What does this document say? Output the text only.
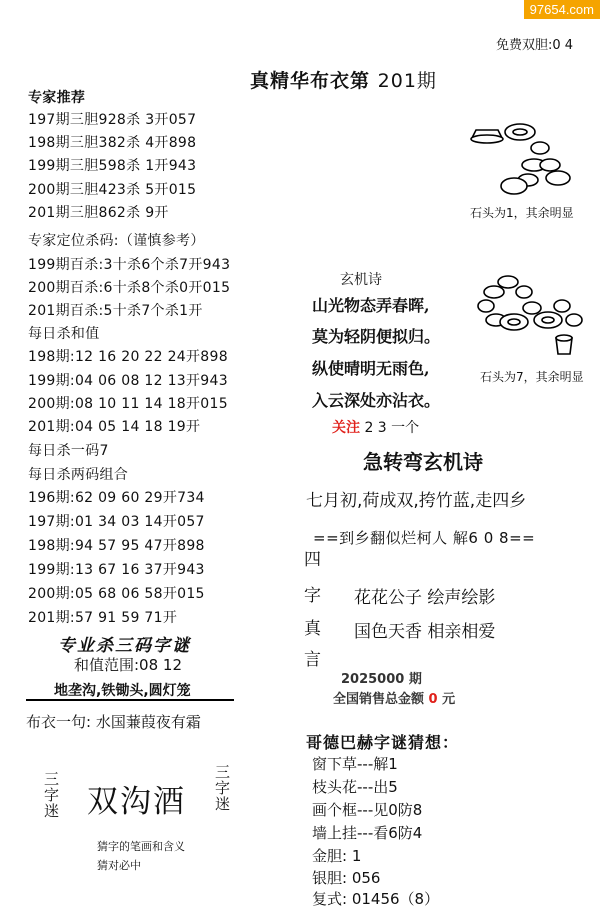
97654.com
免费双胆:0 4
真精华布衣第 201期
专家推荐
197期三胆928杀 3开057
198期三胆382杀 4开898
199期三胆598杀 1开943
200期三胆423杀 5开015
201期三胆862杀 9开
专家定位杀码:（谨慎参考）
199期百杀:3十杀6个杀7开943
200期百杀:6十杀8个杀0开015
201期百杀:5十杀7个杀1开
每日杀和值
198期:12 16 20 22 24开898
199期:04 06 08 12 13开943
200期:08 10 11 14 18开015
201期:04 05 14 18 19开
每日杀一码7
每日杀两码组合
196期:62 09 60 29开734
197期:01 34 03 14开057
198期:94 57 95 47开898
199期:13 67 16 37开943
200期:05 68 06 58开015
201期:57 91 59 71开
专业杀三码字谜
和值范围:08 12
地垄沟,铁锄头,圆灯笼
布衣一句: 水国蒹葭夜有霜
三
字
迷 双沟酒
三
字
迷
猜字的笔画和含义
猜对必中
石头为1，其余明显
石头为7，其余明显
玄机诗
山光物态弄春晖,
莫为轻阴便拟归。
纵使晴明无雨色,
入云深处亦沾衣。
关注 2 3 一个
急转弯玄机诗
七月初,荷成双,挎竹蓝,走四乡
==到乡翻似烂柯人 解6 0 8==
四
字
真
言
花花公子 绘声绘影
国色天香 相亲相爱
2025000 期
全国销售总金额 0 元
哥德巴赫字谜猜想：
窗下草---解1
枝头花---出5
画个框---见0防8
墙上挂---看6防4
金胆: 1
银胆: 056
复式: 01456（8）
